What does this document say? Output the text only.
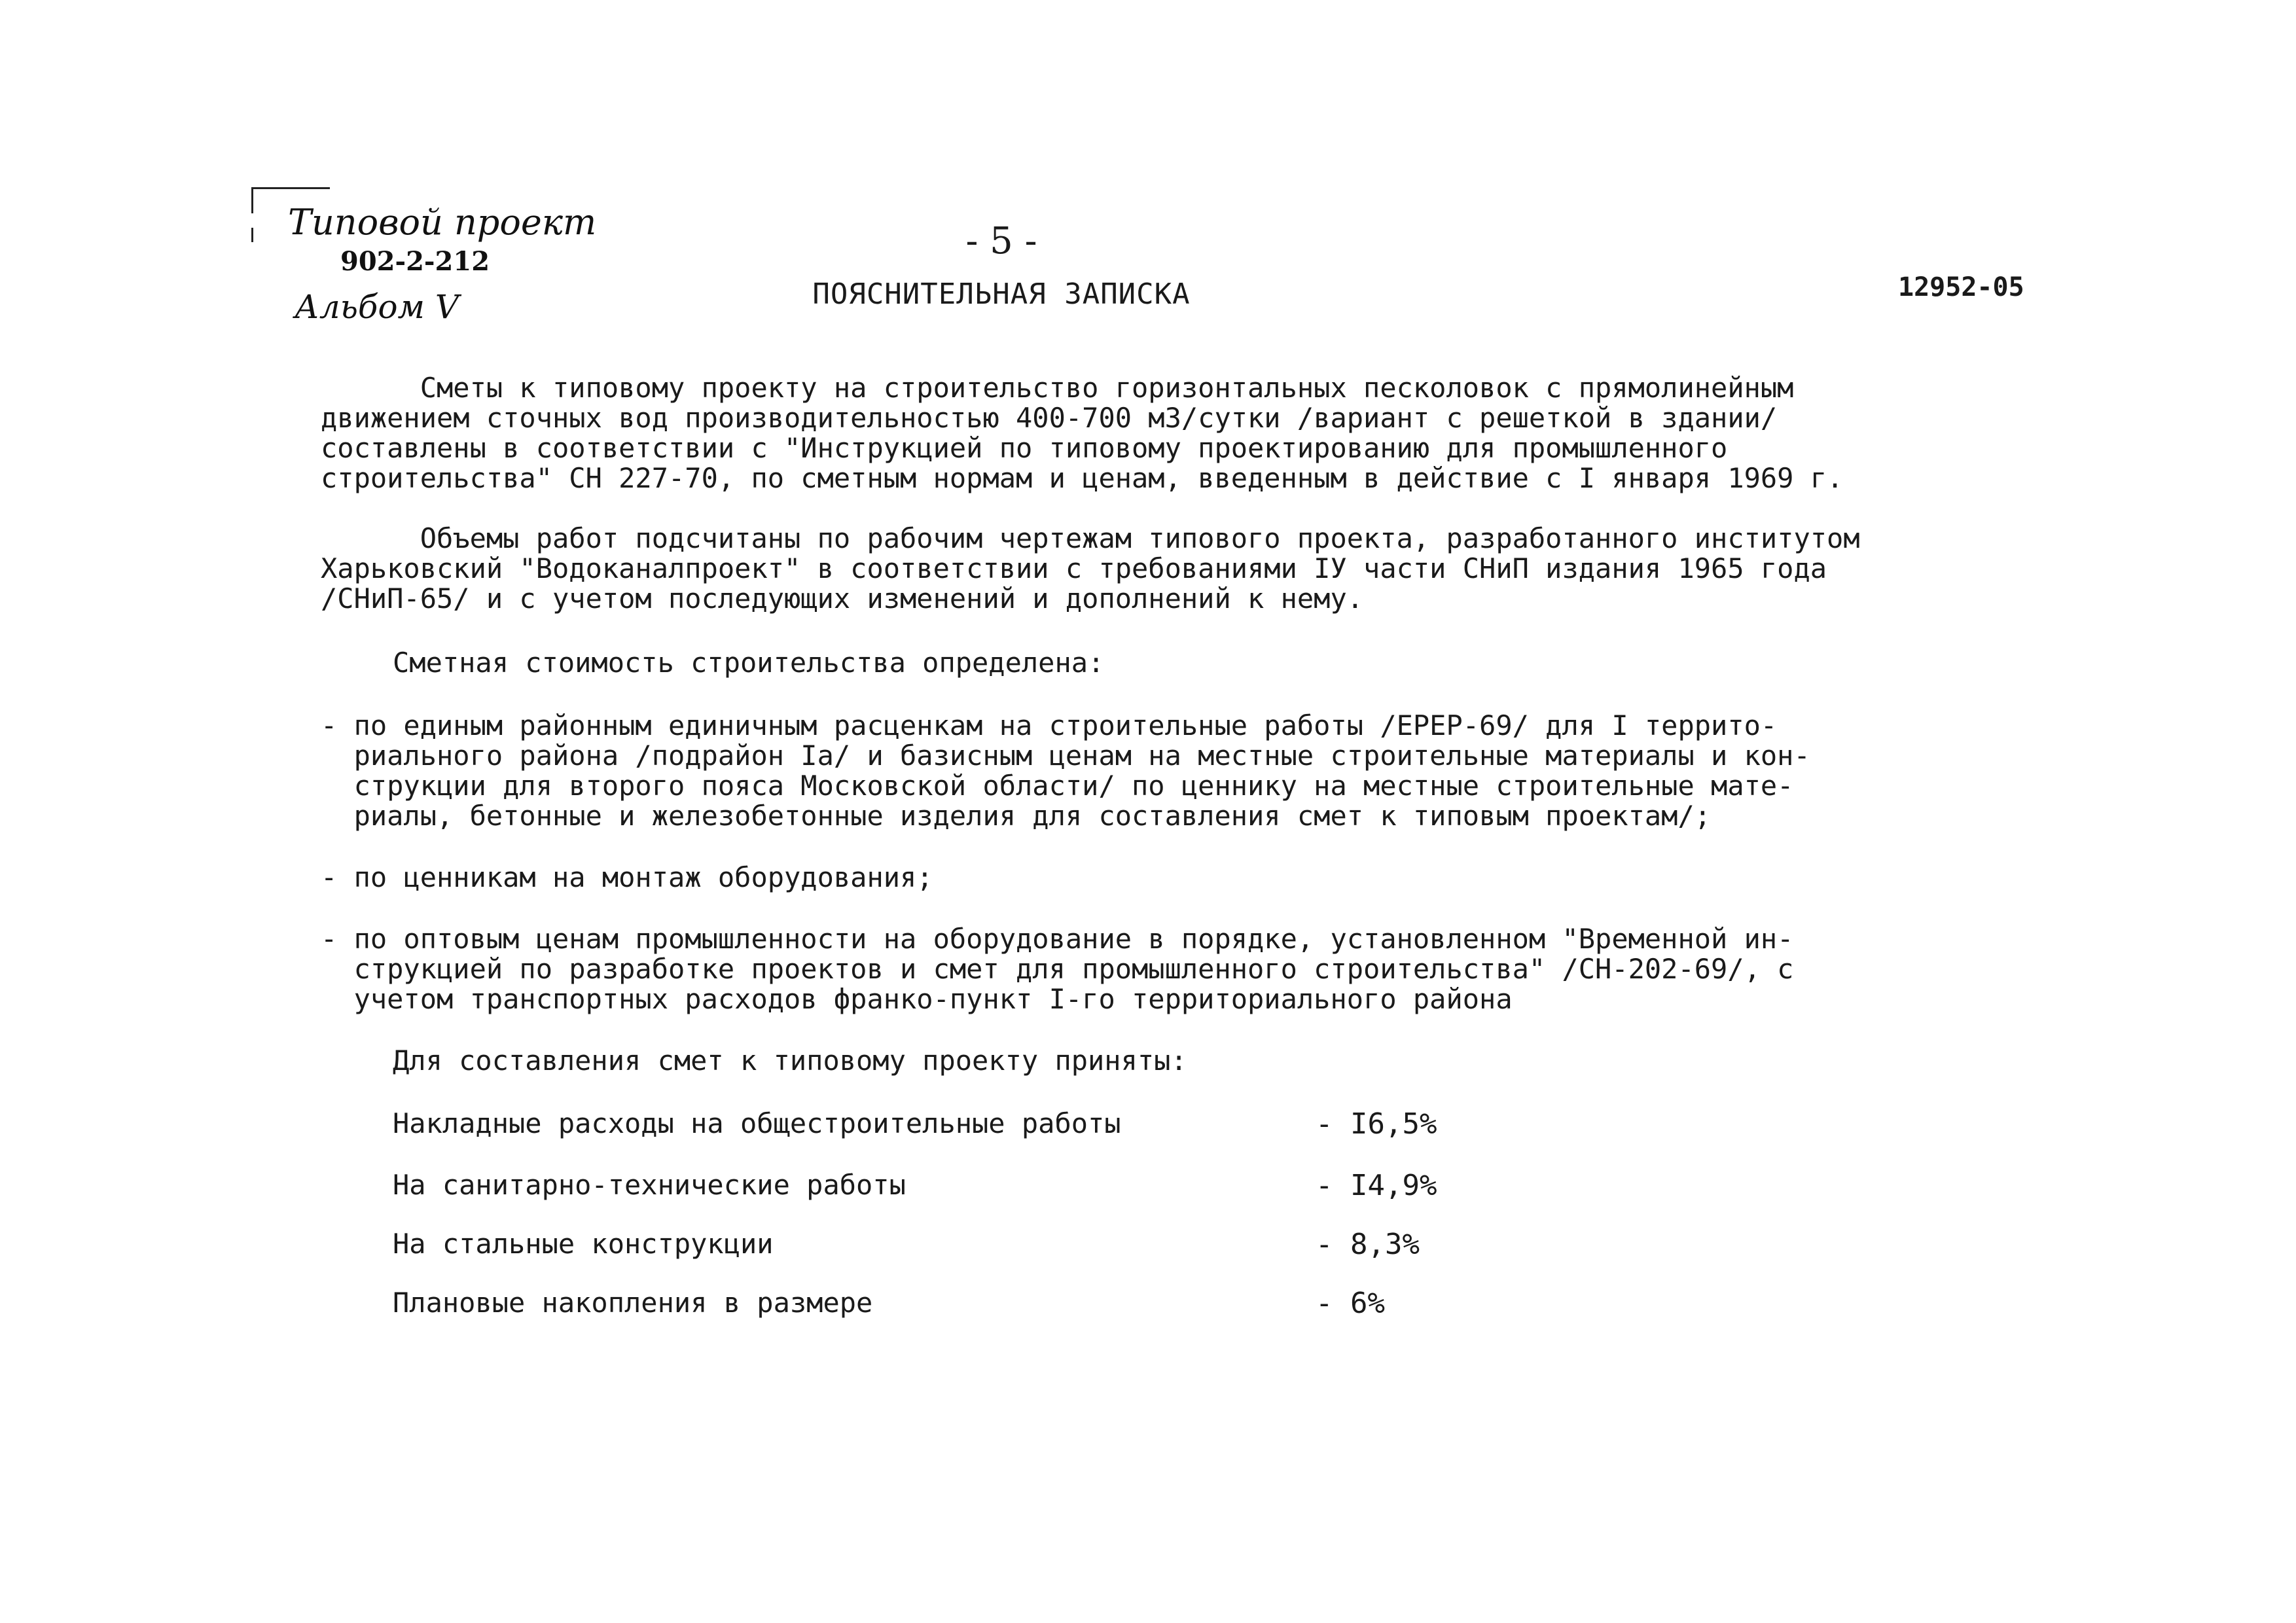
Типовой проект
902-2-212
Альбом V
- 5 -
ПОЯСНИТЕЛЬНАЯ ЗАПИСКА	12952-05
Сметы к типовому проекту на строительство горизонтальных песколовок с прямолинейным
движением сточных вод производительностью 400-700 м3/сутки /вариант с решеткой в здании/
составлены в соответствии с "Инструкцией по типовому проектированию для промышленного
строительства" СН 227-70, по сметным нормам и ценам, введенным в действие с I января 1969 г.
Объемы работ подсчитаны по рабочим чертежам типового проекта, разработанного институтом
Харьковский "Водоканалпроект" в соответствии с требованиями IУ части СНиП издания 1965 года
/СНиП-65/ и с учетом последующих изменений и дополнений к нему.
Сметная стоимость строительства определена:
- по единым районным единичным расценкам на строительные работы /ЕРЕР-69/ для I террито-
риального района /подрайон Iа/ и базисным ценам на местные строительные материалы и кон-
струкции для второго пояса Московской области/ по ценнику на местные строительные мате-
риалы, бетонные и железобетонные изделия для составления смет к типовым проектам/;
- по ценникам на монтаж оборудования;
- по оптовым ценам промышленности на оборудование в порядке, установленном "Временной ин-
струкцией по разработке проектов и смет для промышленного строительства" /СН-202-69/, с
учетом транспортных расходов франко-пункт I-го территориального района
Для составления смет к типовому проекту приняты:
Накладные расходы на общестроительные работы	- I6,5%
На санитарно-технические работы	- I4,9%
На стальные конструкции	- 8,3%
Плановые накопления в размере	- 6%
